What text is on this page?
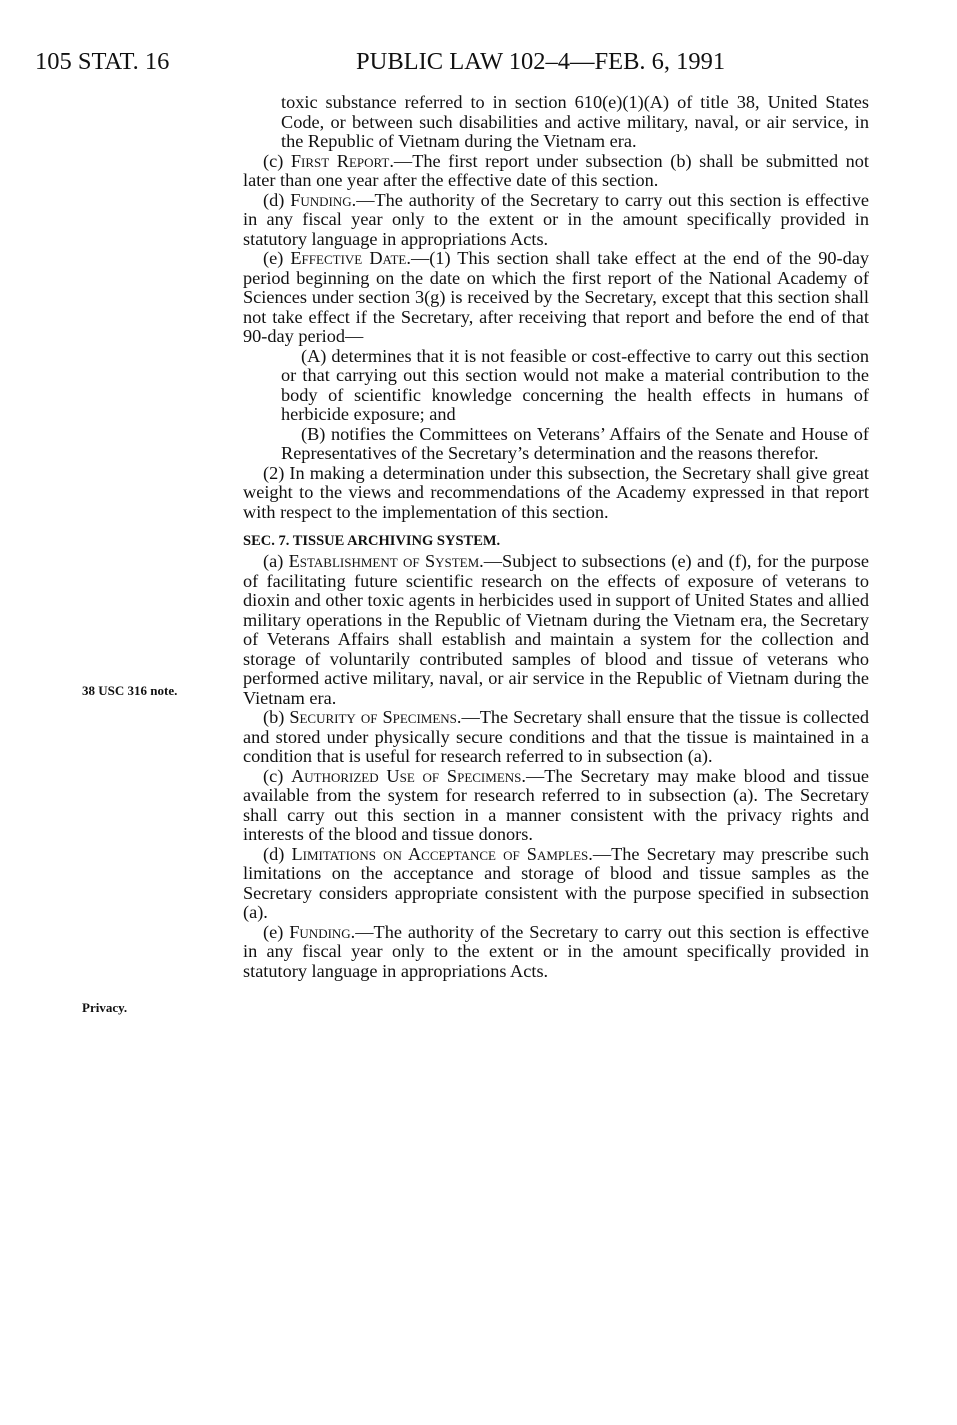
105 STAT. 16	PUBLIC LAW 102–4—FEB. 6, 1991
38 USC 316 note.
Privacy.

toxic substance referred to in section 610(e)(1)(A) of title 38, United States Code, or between such disabilities and active military, naval, or air service, in the Republic of Vietnam during the Vietnam era.

(c) First Report.—The first report under subsection (b) shall be submitted not later than one year after the effective date of this section.

(d) Funding.—The authority of the Secretary to carry out this section is effective in any fiscal year only to the extent or in the amount specifically provided in statutory language in appropriations Acts.

(e) Effective Date.—(1) This section shall take effect at the end of the 90-day period beginning on the date on which the first report of the National Academy of Sciences under section 3(g) is received by the Secretary, except that this section shall not take effect if the Secretary, after receiving that report and before the end of that 90-day period—

(A) determines that it is not feasible or cost-effective to carry out this section or that carrying out this section would not make a material contribution to the body of scientific knowledge concerning the health effects in humans of herbicide exposure; and

(B) notifies the Committees on Veterans’ Affairs of the Senate and House of Representatives of the Secretary’s determination and the reasons therefor.

(2) In making a determination under this subsection, the Secretary shall give great weight to the views and recommendations of the Academy expressed in that report with respect to the implementation of this section.

SEC. 7. TISSUE ARCHIVING SYSTEM.

(a) Establishment of System.—Subject to subsections (e) and (f), for the purpose of facilitating future scientific research on the effects of exposure of veterans to dioxin and other toxic agents in herbicides used in support of United States and allied military operations in the Republic of Vietnam during the Vietnam era, the Secretary of Veterans Affairs shall establish and maintain a system for the collection and storage of voluntarily contributed samples of blood and tissue of veterans who performed active military, naval, or air service in the Republic of Vietnam during the Vietnam era.

(b) Security of Specimens.—The Secretary shall ensure that the tissue is collected and stored under physically secure conditions and that the tissue is maintained in a condition that is useful for research referred to in subsection (a).

(c) Authorized Use of Specimens.—The Secretary may make blood and tissue available from the system for research referred to in subsection (a). The Secretary shall carry out this section in a manner consistent with the privacy rights and interests of the blood and tissue donors.

(d) Limitations on Acceptance of Samples.—The Secretary may prescribe such limitations on the acceptance and storage of blood and tissue samples as the Secretary considers appropriate consistent with the purpose specified in subsection (a).

(e) Funding.—The authority of the Secretary to carry out this section is effective in any fiscal year only to the extent or in the amount specifically provided in statutory language in appropriations Acts.
